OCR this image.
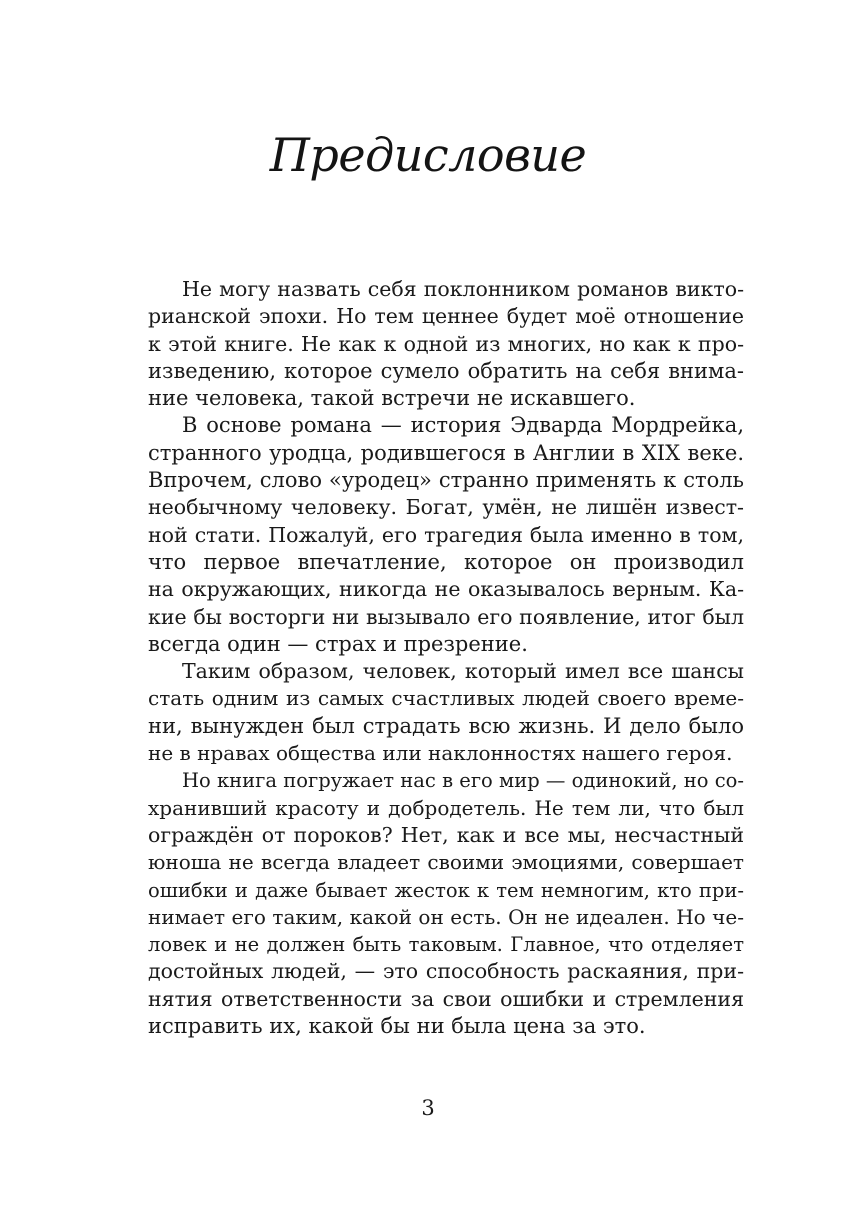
Предисловие
Не могу назвать себя поклонником романов викто-
рианской эпохи. Но тем ценнее будет моё отношение
к этой книге. Не как к одной из многих, но как к про-
изведению, которое сумело обратить на себя внима-
ние человека, такой встречи не искавшего.
В основе романа — история Эдварда Мордрейка,
странного уродца, родившегося в Англии в XIX веке.
Впрочем, слово «уродец» странно применять к столь
необычному человеку. Богат, умён, не лишён извест-
ной стати. Пожалуй, его трагедия была именно в том,
что первое впечатление, которое он производил
на окружающих, никогда не оказывалось верным. Ка-
кие бы восторги ни вызывало его появление, итог был
всегда один — страх и презрение.
Таким образом, человек, который имел все шансы
стать одним из самых счастливых людей своего време-
ни, вынужден был страдать всю жизнь. И дело было
не в нравах общества или наклонностях нашего героя.
Но книга погружает нас в его мир — одинокий, но со-
хранивший красоту и добродетель. Не тем ли, что был
ограждён от пороков? Нет, как и все мы, несчастный
юноша не всегда владеет своими эмоциями, совершает
ошибки и даже бывает жесток к тем немногим, кто при-
нимает его таким, какой он есть. Он не идеален. Но че-
ловек и не должен быть таковым. Главное, что отделяет
достойных людей, — это способность раскаяния, при-
нятия ответственности за свои ошибки и стремления
исправить их, какой бы ни была цена за это.
3
